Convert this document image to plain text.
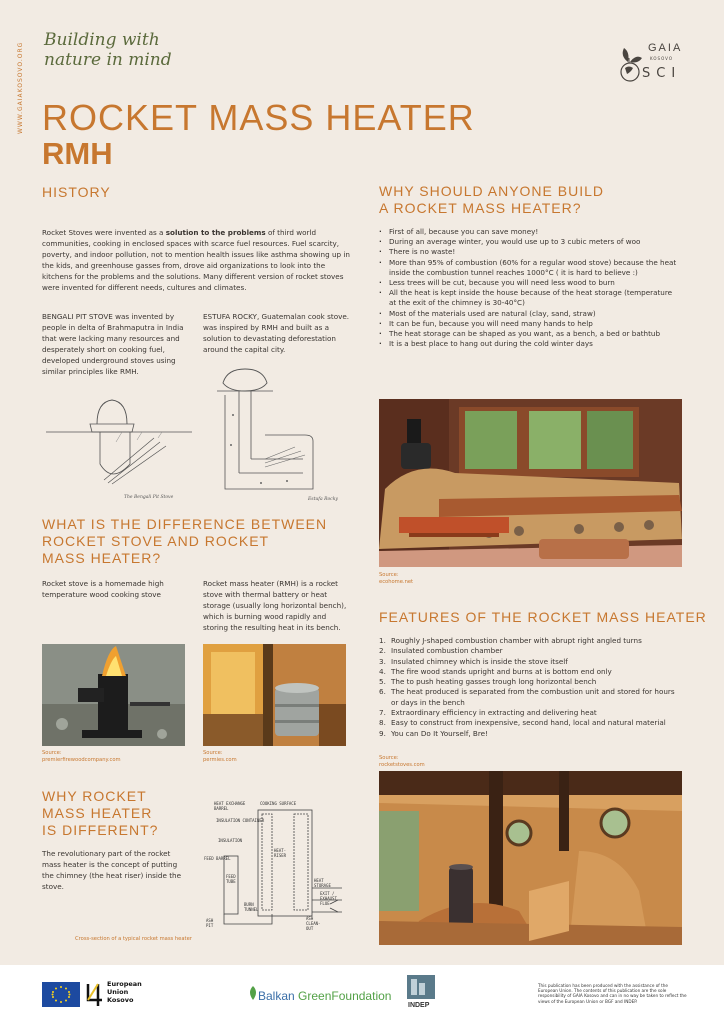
WWW.GAIAKOSOVO.ORG
Building with
nature in mind
GAIA
KOSOVO
SCI
ROCKET MASS HEATER
RMH
HISTORY
Rocket Stoves were invented as a solution to the problems of third world communities, cooking in enclosed spaces with scarce fuel resources. Fuel scarcity, poverty, and indoor pollution, not to mention health issues like asthma showing up in the kids, and greenhouse gasses from, drove aid organizations to look into the kitchens for the problems and the solutions. Many different version of rocket stoves were invented for different needs, cultures and climates.
BENGALI PIT STOVE was invented by people in delta of Brahmaputra in India that were lacking many resources and desperately short on cooking fuel, developed underground stoves using similar principles like RMH.
ESTUFA ROCKY, Guatemalan cook stove. was inspired by RMH and built as a solution to devastating deforestation around the capital city.
The Bengali Pit Stove	Estufa Rocky
WHAT IS THE DIFFERENCE BETWEEN
ROCKET STOVE AND ROCKET
MASS HEATER?
Rocket stove is a homemade high temperature wood cooking stove
Rocket mass heater (RMH) is a rocket stove with thermal battery or heat storage (usually long horizontal bench), which is burning wood rapidly and storing the resulting heat in its bench.
Source:
premierfirewoodcompany.com
Source:
permies.com
WHY ROCKET
MASS HEATER
IS DIFFERENT?
The revolutionary part of the rocket mass heater is the concept of putting the chimney (the heat riser) inside the stove.
HEAT EXCHANGE
BARREL
COOKING SURFACE
INSULATION CONTAINER
INSULATION
HEAT-
RISER
FEED BARREL
FEED
TUBE
BURN
TUNNEL
ASH
PIT
HEAT
STORAGE
EXIT /
EXHAUST
FLUE
ASH
CLEAN-
OUT
Cross-section of a typical rocket mass heater
WHY SHOULD ANYONE BUILD
A ROCKET MASS HEATER?
· First of all, because you can save money!
· During an average winter, you would use up to 3 cubic meters of woo
· There is no waste!
· More than 95% of combustion (60% for a regular wood stove) because the heat inside the combustion tunnel reaches 1000°C ( it is hard to believe :)
· Less trees will be cut, because you will need less wood to burn
· All the heat is kept inside the house because of the heat storage (temperature at the exit of the chimney is 30-40°C)
· Most of the materials used are natural (clay, sand, straw)
· It can be fun, because you will need many hands to help
· The heat storage can be shaped as you want, as a bench, a bed or bathtub
· It is a best place to hang out during the cold winter days
Source:
ecohome.net
FEATURES OF THE ROCKET MASS HEATER
1. Roughly J-shaped combustion chamber with abrupt right angled turns
2. Insulated combustion chamber
3. Insulated chimney which is inside the stove itself
4. The fire wood stands upright and burns at is bottom end only
5. The to push heating gasses trough long horizontal bench
6. The heat produced is separated from the combustion unit and stored for hours or days in the bench
7. Extraordinary efficiency in extracting and delivering heat
8. Easy to construct from inexpensive, second hand, local and natural material
9. You can Do It Yourself, Bre!
Source:
rocketstoves.com
European
Union
Kosovo	Balkan GreenFoundation
INDEP
This publication has been produced with the assistance of the European Union. The contents of this publication are the sole responsibility of GAIA Kosovo and can in no way be taken to reflect the views of the European Union or BGF and INDEP.
